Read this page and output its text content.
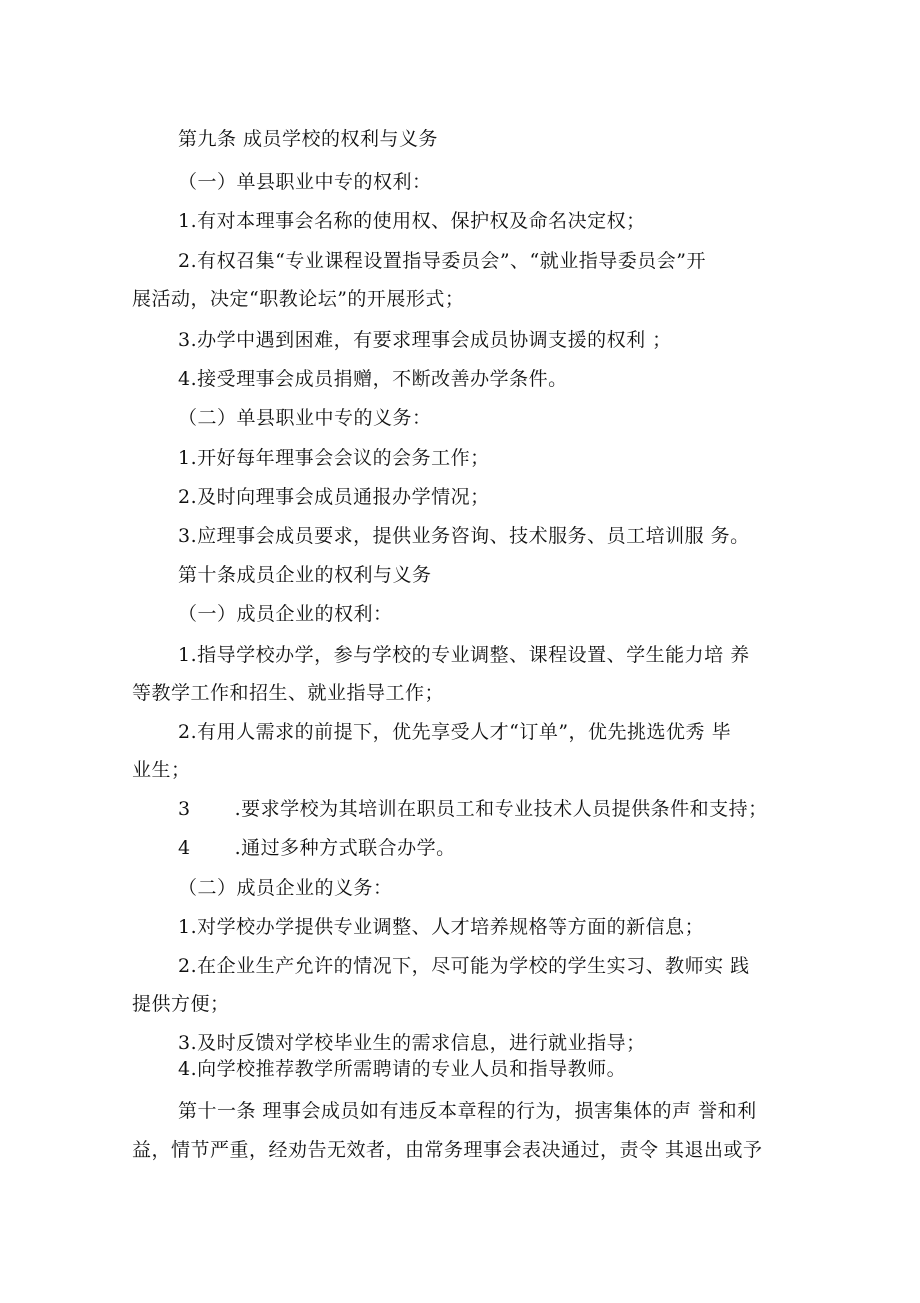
第九条 成员学校的权利与义务
（一）单县职业中专的权利：
1.有对本理事会名称的使用权、保护权及命名决定权；
2.有权召集“专业课程设置指导委员会”、“就业指导委员会”开
展活动，决定“职教论坛”的开展形式；
3.办学中遇到困难，有要求理事会成员协调支援的权利 ；
4.接受理事会成员捐赠，不断改善办学条件。
（二）单县职业中专的义务：
1.开好每年理事会会议的会务工作；
2.及时向理事会成员通报办学情况；
3.应理事会成员要求，提供业务咨询、技术服务、员工培训服 务。
第十条成员企业的权利与义务
（一）成员企业的权利：
1.指导学校办学，参与学校的专业调整、课程设置、学生能力培 养
等教学工作和招生、就业指导工作；
2.有用人需求的前提下，优先享受人才“订单”，优先挑选优秀 毕
业生；
3 .要求学校为其培训在职员工和专业技术人员提供条件和支持；
4 .通过多种方式联合办学。
（二）成员企业的义务：
1.对学校办学提供专业调整、人才培养规格等方面的新信息；
2.在企业生产允许的情况下，尽可能为学校的学生实习、教师实 践
提供方便；
3.及时反馈对学校毕业生的需求信息，进行就业指导；
4.向学校推荐教学所需聘请的专业人员和指导教师。
第十一条 理事会成员如有违反本章程的行为，损害集体的声 誉和利
益，情节严重，经劝告无效者，由常务理事会表决通过，责令 其退出或予
